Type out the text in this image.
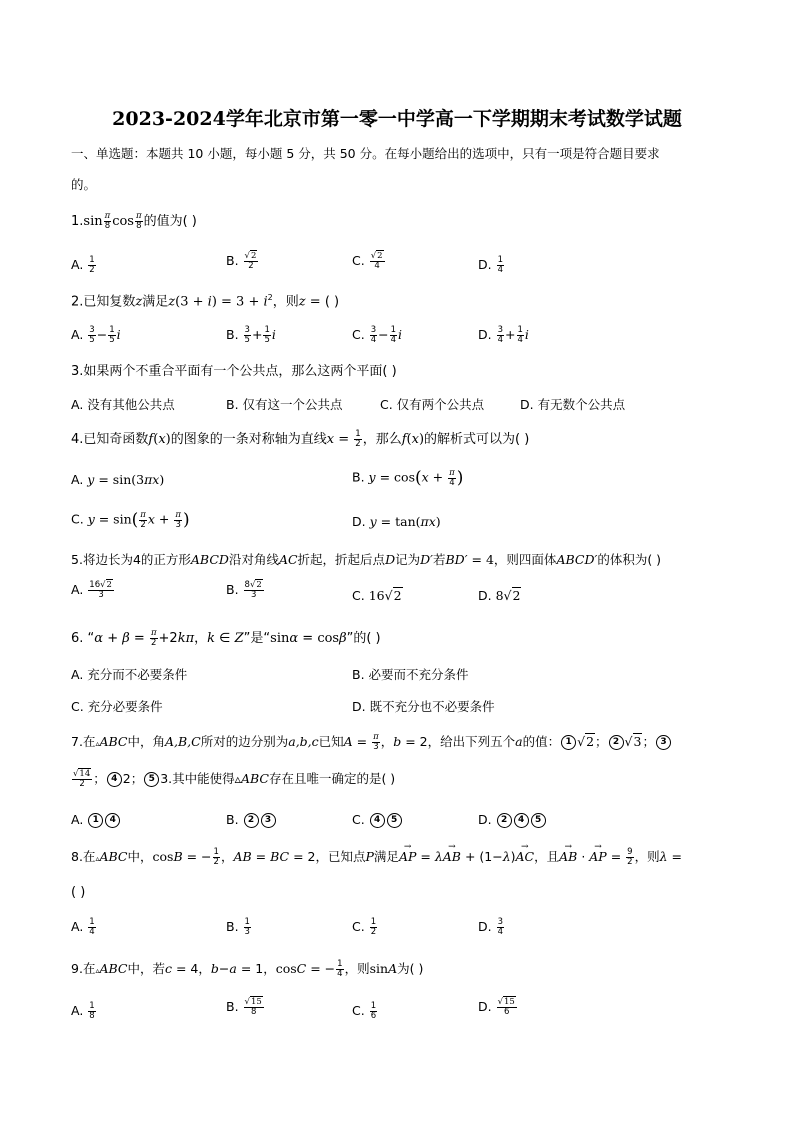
2023-2024学年北京市第一零一中学高一下学期期末考试数学试题
一、单选题：本题共 10 小题，每小题 5 分，共 50 分。在每小题给出的选项中，只有一项是符合题目要求
的。
$1.\sin \frac{\pi}{8}$ $\cos \frac{\pi}{8}$ 的值为( )
A. $\frac{1}{2}$	B. $\frac{√2}{2}$	C. $\frac{√2}{4}$	D. $\frac{1}{4}$
2.已知复数z满足$z(3 + i) = 3 + i^2$，则z = ( )
A. $\frac{3}{5} - \frac{1}{5}$ i	B. $\frac{3}{5} + \frac{1}{5}$ i	C. $\frac{3}{4} - \frac{1}{4}$ i	D. $\frac{3}{4} + \frac{1}{4}$ i
3.如果两个不重合平面有一个公共点，那么这两个平面( )
A. 没有其他公共点	B. 仅有这一个公共点	C. 仅有两个公共点	D. 有无数个公共点
4.已知奇函数f(x)的图象的一条对称轴为直线$x = \frac{1}{2}$ ，那么f(x)的解析式可以为( )
A. y = sin(3πx)	B. $y = \cos(x + \frac{\pi}{4}$ )
C. $y = \sin( \frac{\pi}{2}$ $x + \frac{\pi}{3}$ )	D. y = tan(πx)
5.将边长为4的正方形ABCD沿对角线AC折起，折起后点D记为D′若BD′ = 4，则四面体ABCD′的体积为( )
A. $\frac{16√2}{3}$	B. $\frac{8√2}{3}$	C. 16√2	D. 8√2
6. “$\alpha + \beta = \frac{\pi}{2} +2k\pi$，k ∈ Z”是“sinα = cosβ”的( )
A. 充分而不必要条件	B. 必要而不充分条件
C. 充分必要条件	D. 既不充分也不必要条件
7.在▵ABC中，角A,B,C所对的边分别为a,b,c已知$A = \frac{\pi}{3}$ ，b = 2，给出下列五个a的值： 1 √2； 2 √3； 3
$\frac{√14}{2}$ ； 4 2； 5 3.其中能使得▵ABC存在且唯一确定的是( )
A. 1 4	B. 2 3	C. 4 5	D. 2 4 5
8.在▵ABC中，cosB = − $\frac{1}{2}$ ，AB = BC = 2，已知点P满足→ AP = λ→ AB + (1−λ)→ AC，且→ AB · → AP = $\frac{9}{2}$ ，则λ =
( )
A. $\frac{1}{4}$	B. $\frac{1}{3}$	C. $\frac{1}{2}$	D. $\frac{3}{4}$
9.在▵ABC中，若c = 4，b−a = 1，cosC = − $\frac{1}{4}$ ，则sinA为( )
A. $\frac{1}{8}$	B. $\frac{√15}{8}$	C. $\frac{1}{6}$	D. $\frac{√15}{6}$
